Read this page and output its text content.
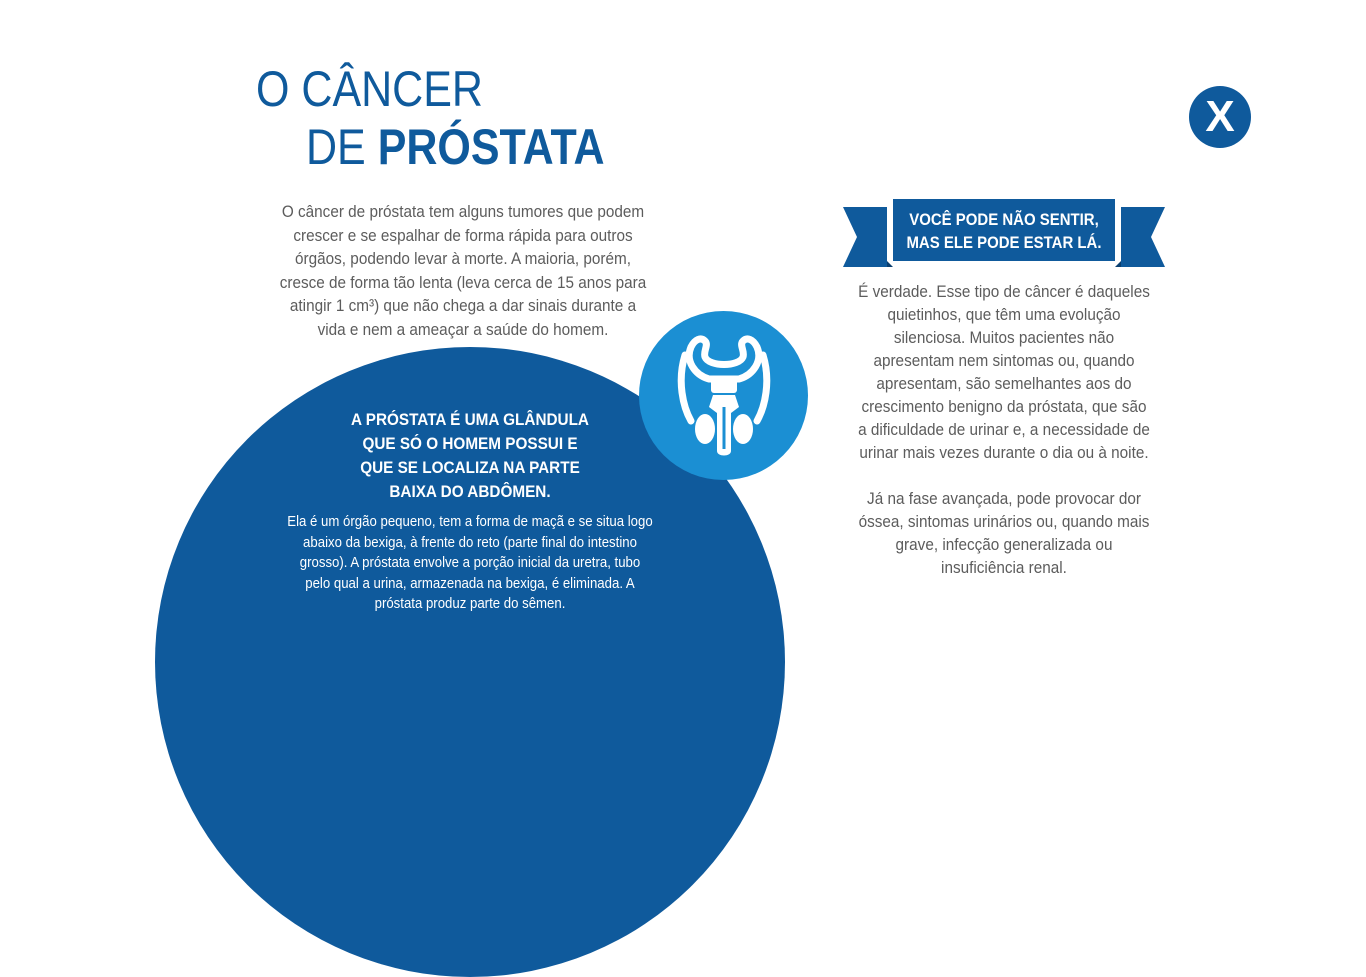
O CÂNCER
DE PRÓSTATA
O câncer de próstata tem alguns tumores que podem
crescer e se espalhar de forma rápida para outros
órgãos, podendo levar à morte. A maioria, porém,
cresce de forma tão lenta (leva cerca de 15 anos para
atingir 1 cm³) que não chega a dar sinais durante a
vida e nem a ameaçar a saúde do homem.
X
A PRÓSTATA É UMA GLÂNDULA
QUE SÓ O HOMEM POSSUI E
QUE SE LOCALIZA NA PARTE
BAIXA DO ABDÔMEN.
Ela é um órgão pequeno, tem a forma de maçã e se situa logo
abaixo da bexiga, à frente do reto (parte final do intestino
grosso). A próstata envolve a porção inicial da uretra, tubo
pelo qual a urina, armazenada na bexiga, é eliminada. A
próstata produz parte do sêmen.
VOCÊ PODE NÃO SENTIR,
MAS ELE PODE ESTAR LÁ.
É verdade. Esse tipo de câncer é daqueles
quietinhos, que têm uma evolução
silenciosa. Muitos pacientes não
apresentam nem sintomas ou, quando
apresentam, são semelhantes aos do
crescimento benigno da próstata, que são
a dificuldade de urinar e, a necessidade de
urinar mais vezes durante o dia ou à noite.
Já na fase avançada, pode provocar dor
óssea, sintomas urinários ou, quando mais
grave, infecção generalizada ou
insuficiência renal.
